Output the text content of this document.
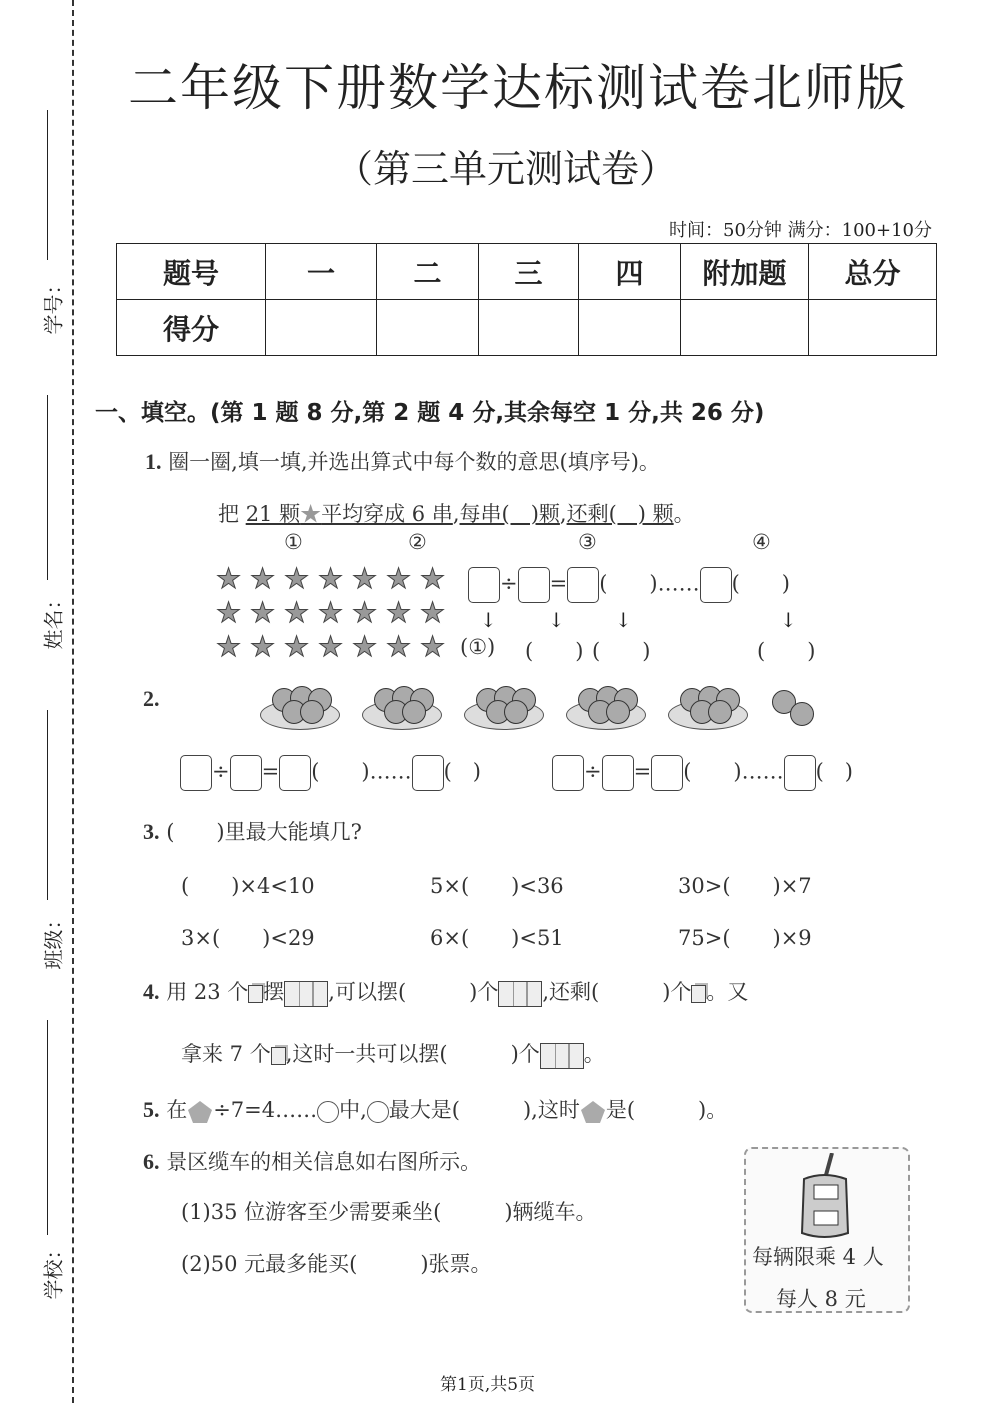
学号：
姓名：
班级：
学校：
二年级下册数学达标测试卷北师版
（第三单元测试卷）
时间：50分钟 满分：100+10分
题号	一	二	三	四	附加题	总分
得分						
一、填空。(第 1 题 8 分,第 2 题 4 分,其余每空 1 分,共 26 分)
1. 圈一圈,填一填,并选出算式中每个数的意思(填序号)。
把 21 颗★平均穿成 6 串,每串(　)颗,还剩(　) 颗。
①	②	③	④
★ ★ ★ ★ ★ ★ ★
★ ★ ★ ★ ★ ★ ★
★ ★ ★ ★ ★ ★ ★
÷ = (　　)…… (　　)
↓	↓	↓	↓
(①) (　　) (　　)	(　　)
2.
÷ = (　　)…… (　)	÷ = (　　)…… (　)
3. (　　)里最大能填几?
(　　)×4<10	5×(　　)<36	30>(　　)×7
3×(　　)<29	6×(　　)<51	75>(　　)×9
4. 用 23 个 摆 ,可以摆(　　　)个 ,还剩(　　　)个 。又
拿来 7 个 ,这时一共可以摆(　　　)个 。
5. 在 ÷7=4…… 中, 最大是(　　　),这时 是(　　　)。
6. 景区缆车的相关信息如右图所示。
(1)35 位游客至少需要乘坐(　　　)辆缆车。
(2)50 元最多能买(　　　)张票。	每辆限乘 4 人
每人 8 元
第1页,共5页
